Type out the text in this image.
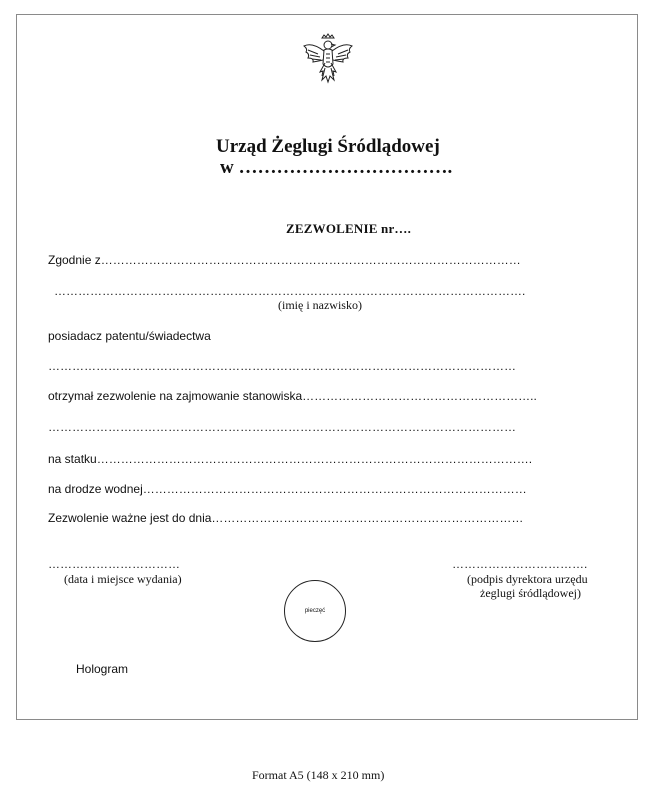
Urząd Żeglugi Śródlądowej
w …………………………….
ZEZWOLENIE nr….
Zgodnie z……………………………………………………………………………………………
……………………………………………………………………………………………………….
(imię i nazwisko)
posiadacz patentu/świadectwa
………………………………………………………………………………………………………
otrzymał zezwolenie na zajmowanie stanowiska…………………………………………………..
………………………………………………………………………………………………………
na statku……………………………………………………………………………………………….
na drodze wodnej……………………………………………………………………………………
Zezwolenie ważne jest do dnia……………………………………………………………………
……………………………
(data i miejsce wydania)
…………………………….
(podpis dyrektora urzędu
żeglugi śródlądowej)
pieczęć
Hologram
Format A5 (148 x 210 mm)
